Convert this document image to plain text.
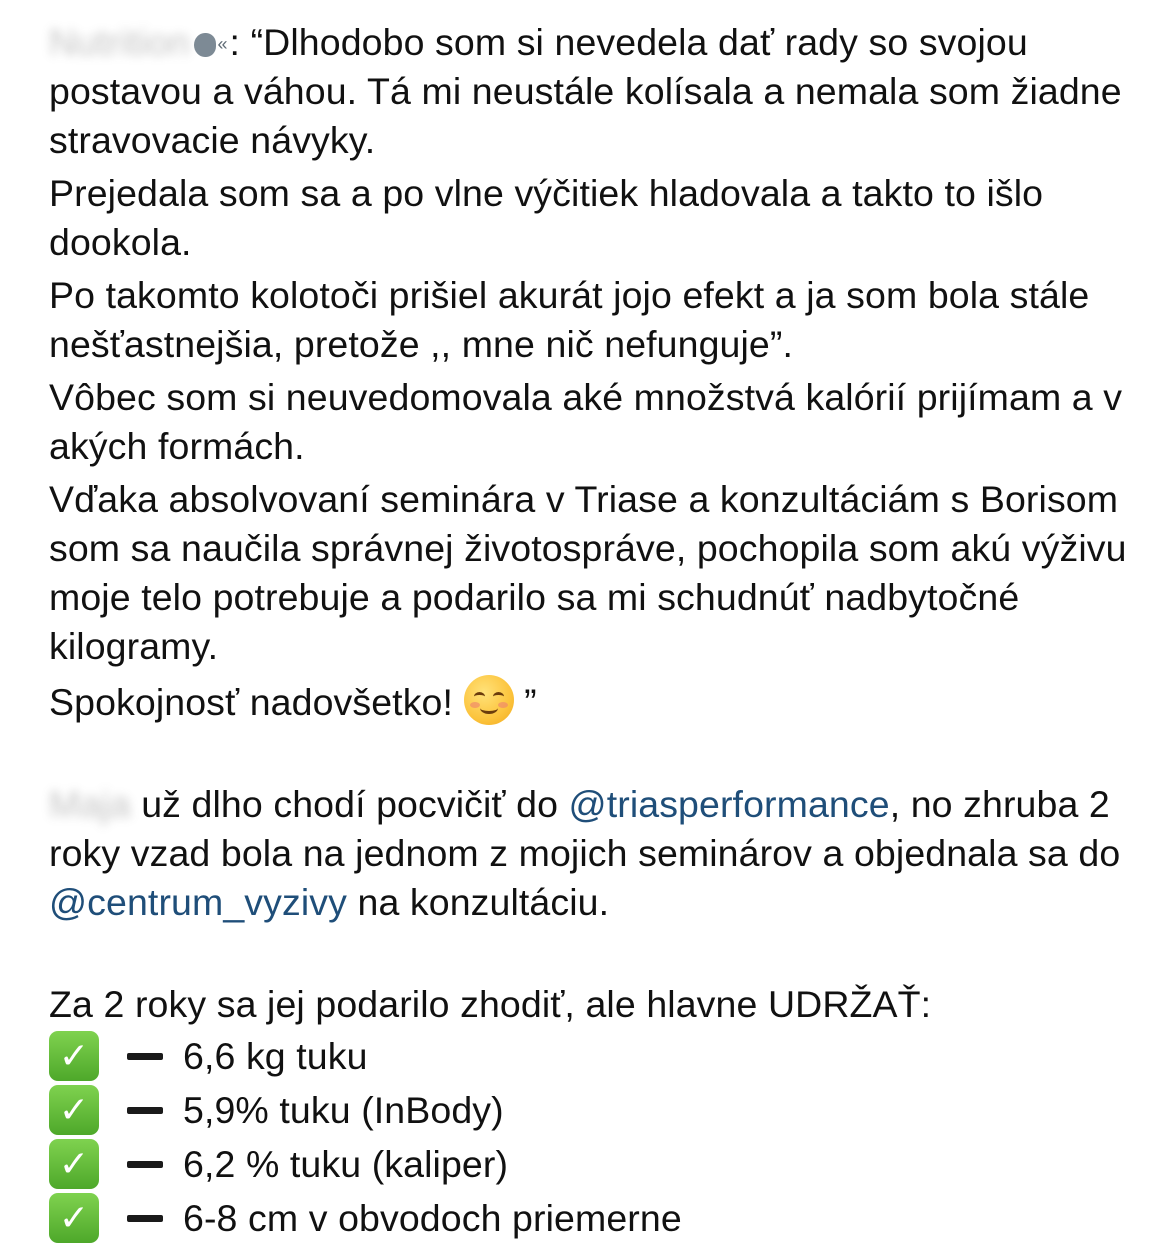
Nutrition « : “Dlhodobo som si nevedela dať rady so svojou postavou a váhou. Tá mi neustále kolísala a nemala som žiadne stravovacie návyky.

Prejedala som sa a po vlne výčitiek hladovala a takto to išlo dookola.

Po takomto kolotoči prišiel akurát jojo efekt a ja som bola stále nešťastnejšia, pretože ,, mne nič nefunguje”.

Vôbec som si neuvedomovala aké množstvá kalórií prijímam a v akých formách.

Vďaka absolvovaní seminára v Triase a konzultáciám s Borisom som sa naučila správnej životospráve, pochopila som akú výživu moje telo potrebuje a podarilo sa mi schudnúť nadbytočné kilogramy.

Spokojnosť nadovšetko!
”

Maja už dlho chodí pocvičiť do @triasperformance, no zhruba 2 roky vzad bola na jednom z mojich seminárov a objednala sa do @centrum_vyzivy na konzultáciu.

Za 2 roky sa jej podarilo zhodiť, ale hlavne UDRŽAŤ:

✓	6,6 kg tuku
✓	5,9% tuku (InBody)
✓	6,2 % tuku (kaliper)
✓	6-8 cm v obvodoch priemerne
